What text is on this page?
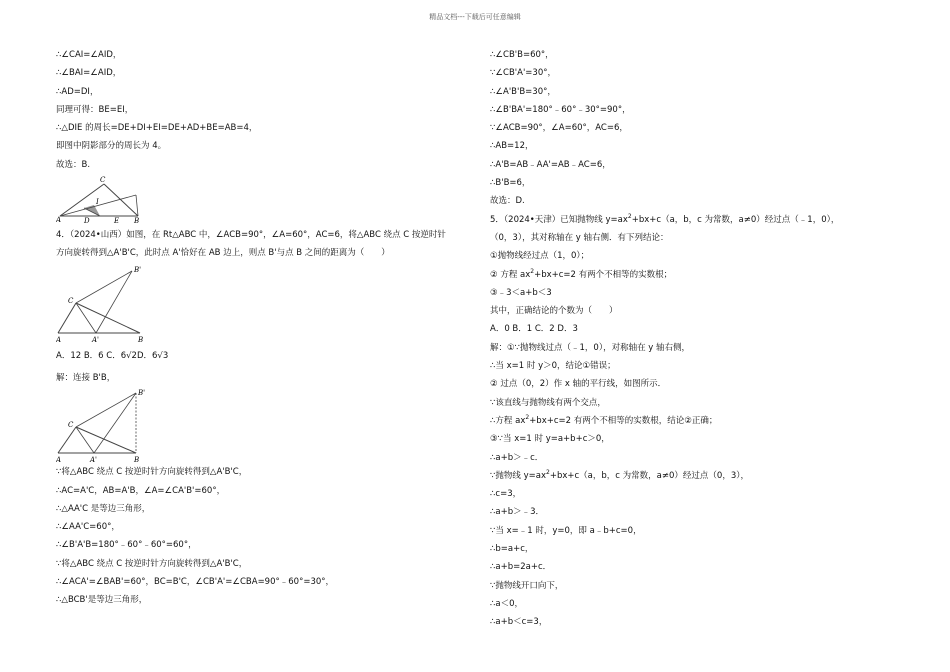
精品文档---下载后可任意编辑
∴∠CAI=∠AID，
∴∠BAI=∠AID，
∴AD=DI，
同理可得：BE=EI，
∴△DIE 的周长=DE+DI+EI=DE+AD+BE=AB=4，
即图中阴影部分的周长为 4。
故选：B.
C
I
A	D	E B
4．（2024•山西）如图，在 Rt△ABC 中，∠ACB=90°，∠A=60°，AC=6，将△ABC 绕点 C 按逆时针
方向旋转得到△A'B'C，此时点 A'恰好在 AB 边上，则点 B'与点 B 之间的距离为（　　）
B'
C
A	A'	B
A．12 B．6 C．6√2D．6√3
解：连接 B'B，
B'
C
A	A'	B
∵将△ABC 绕点 C 按逆时针方向旋转得到△A'B'C，
∴AC=A'C，AB=A'B，∠A=∠CA'B'=60°，
∴△AA'C 是等边三角形，
∴∠AA'C=60°，
∴∠B'A'B=180°﹣60°﹣60°=60°，
∵将△ABC 绕点 C 按逆时针方向旋转得到△A'B'C，
∴∠ACA'=∠BAB'=60°，BC=B'C，∠CB'A'=∠CBA=90°﹣60°=30°，
∴△BCB'是等边三角形，
∴∠CB'B=60°，
∵∠CB'A'=30°，
∴∠A'B'B=30°，
∴∠B'BA'=180°﹣60°﹣30°=90°，
∵∠ACB=90°，∠A=60°，AC=6，
∴AB=12，
∴A'B=AB﹣AA'=AB﹣AC=6，
∴B'B=6，
故选：D.
5．（2024•天津）已知抛物线 $y=ax^2+bx+c(a$，b，c 为常数，a≠0）经过点（﹣1，0），
（0，3），其对称轴在 y 轴右侧．有下列结论：
①抛物线经过点（1，0）；
② 方程 $ax^2+bx+c=2$ 有两个不相等的实数根；
③﹣3＜a+b＜3
其中，正确结论的个数为（　　）
A．0 B．1 C．2 D．3
解：①∵抛物线过点（﹣1，0），对称轴在 y 轴右侧，
∴当 x=1 时 y＞0，结论①错误；
② 过点（0，2）作 x 轴的平行线，如图所示．
∵该直线与抛物线有两个交点，
∴方程 $ax^2+bx+c=2$ 有两个不相等的实数根，结论②正确；
③∵当 x=1 时 y=a+b+c＞0，
∴a+b＞﹣c．
∵抛物线 $y=ax^2+bx+c(a$，b，c 为常数，a≠0）经过点（0，3），
∴c=3，
∴a+b＞﹣3．
∵当 x=﹣1 时，y=0，即 a﹣b+c=0，
∴b=a+c，
∴a+b=2a+c．
∵抛物线开口向下，
∴a＜0，
∴a+b＜c=3，
